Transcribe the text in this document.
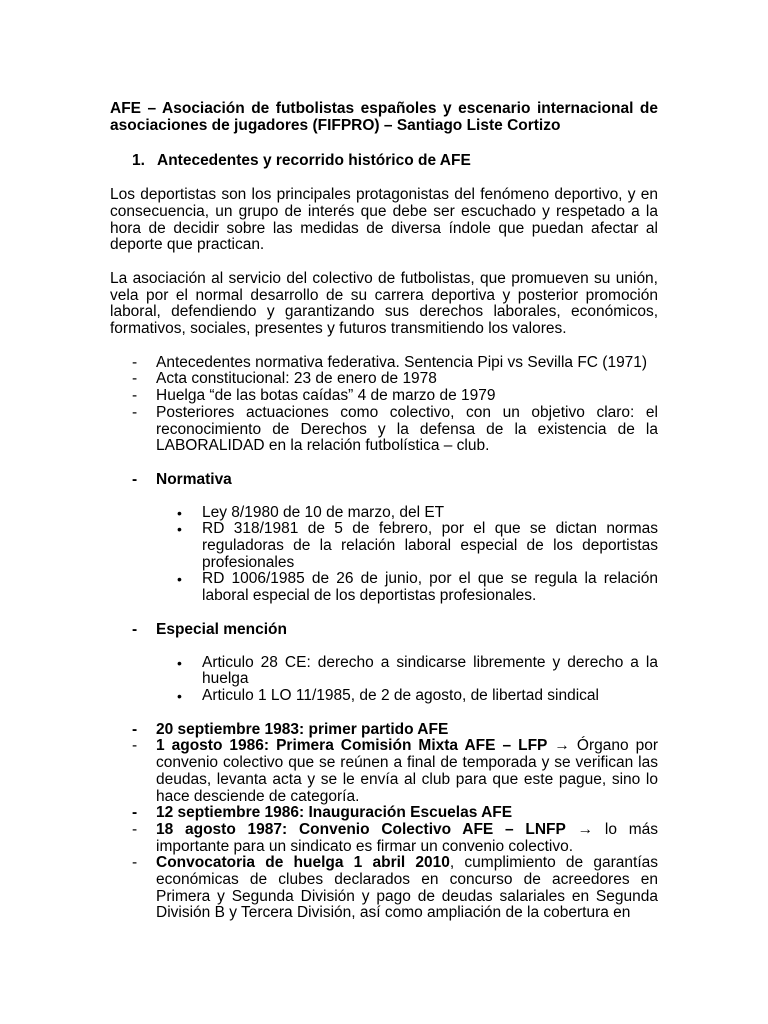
AFE – Asociación de futbolistas españoles y escenario internacional de asociaciones de jugadores (FIFPRO) – Santiago Liste Cortizo

1. Antecedentes y recorrido histórico de AFE

Los deportistas son los principales protagonistas del fenómeno deportivo, y en consecuencia, un grupo de interés que debe ser escuchado y respetado a la hora de decidir sobre las medidas de diversa índole que puedan afectar al deporte que practican.

La asociación al servicio del colectivo de futbolistas, que promueven su unión, vela por el normal desarrollo de su carrera deportiva y posterior promoción laboral, defendiendo y garantizando sus derechos laborales, económicos, formativos, sociales, presentes y futuros transmitiendo los valores.

- Antecedentes normativa federativa. Sentencia Pipi vs Sevilla FC (1971)
- Acta constitucional: 23 de enero de 1978
- Huelga “de las botas caídas” 4 de marzo de 1979
- Posteriores actuaciones como colectivo, con un objetivo claro: el reconocimiento de Derechos y la defensa de la existencia de la LABORALIDAD en la relación futbolística – club.
- Normativa
• Ley 8/1980 de 10 de marzo, del ET
• RD 318/1981 de 5 de febrero, por el que se dictan normas reguladoras de la relación laboral especial de los deportistas profesionales
• RD 1006/1985 de 26 de junio, por el que se regula la relación laboral especial de los deportistas profesionales.
- Especial mención
• Articulo 28 CE: derecho a sindicarse libremente y derecho a la huelga
• Articulo 1 LO 11/1985, de 2 de agosto, de libertad sindical
- 20 septiembre 1983: primer partido AFE
- 1 agosto 1986: Primera Comisión Mixta AFE – LFP → Órgano por convenio colectivo que se reúnen a final de temporada y se verifican las deudas, levanta acta y se le envía al club para que este pague, sino lo hace desciende de categoría.
- 12 septiembre 1986: Inauguración Escuelas AFE
- 18 agosto 1987: Convenio Colectivo AFE – LNFP → lo más importante para un sindicato es firmar un convenio colectivo.
- Convocatoria de huelga 1 abril 2010, cumplimiento de garantías económicas de clubes declarados en concurso de acreedores en Primera y Segunda División y pago de deudas salariales en Segunda División B y Tercera División, así como ampliación de la cobertura en
